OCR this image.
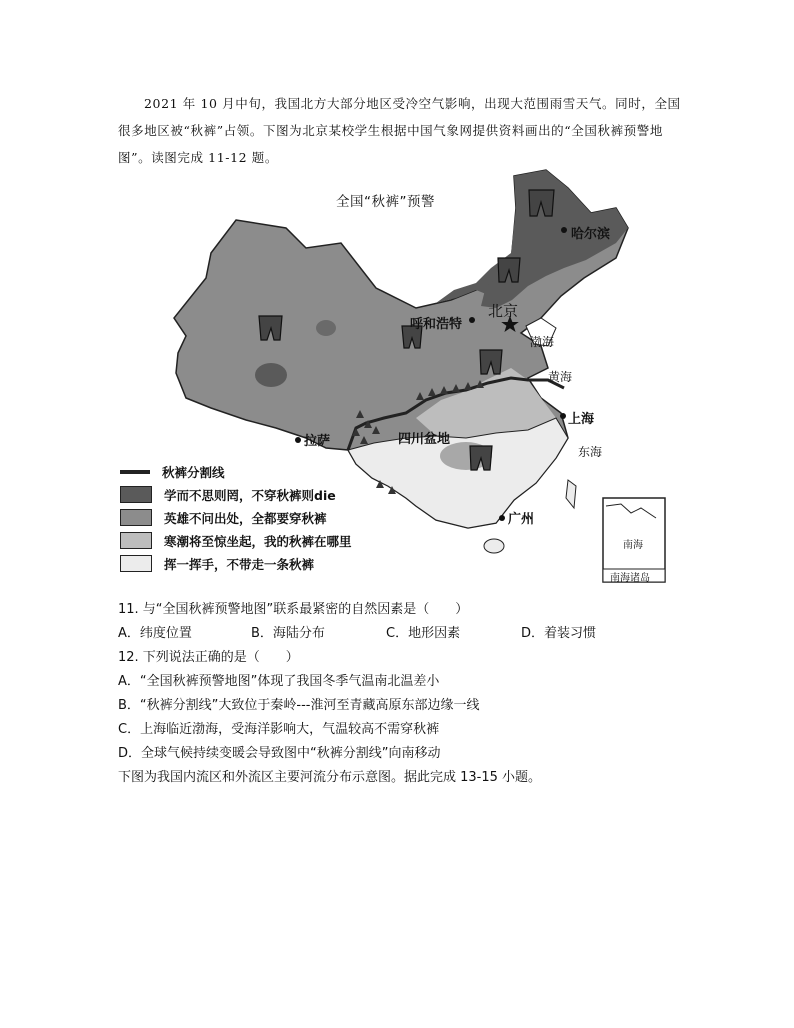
2021 年 10 月中旬，我国北方大部分地区受冷空气影响，出现大范围雨雪天气。同时，全国很多地区被“秋裤”占领。下图为北京某校学生根据中国气象网提供资料画出的“全国秋裤预警地图”。读图完成 11-12 题。

全国“秋裤”预警
哈尔滨
北京
呼和浩特
渤海
黄海
上海
东海
拉萨	四川盆地
广州
南海
南海诸岛
秋裤分割线
学而不思则罔，不穿秋裤则die
英雄不问出处，全都要穿秋裤
寒潮将至惊坐起，我的秋裤在哪里
挥一挥手，不带走一条秋裤

11. 与“全国秋裤预警地图”联系最紧密的自然因素是（　　）

A．纬度位置	B．海陆分布	C．地形因素	D．着装习惯

12. 下列说法正确的是（　　）

A．“全国秋裤预警地图”体现了我国冬季气温南北温差小

B．“秋裤分割线”大致位于秦岭---淮河至青藏高原东部边缘一线

C．上海临近渤海，受海洋影响大，气温较高不需穿秋裤

D．全球气候持续变暖会导致图中“秋裤分割线”向南移动

下图为我国内流区和外流区主要河流分布示意图。据此完成 13-15 小题。
